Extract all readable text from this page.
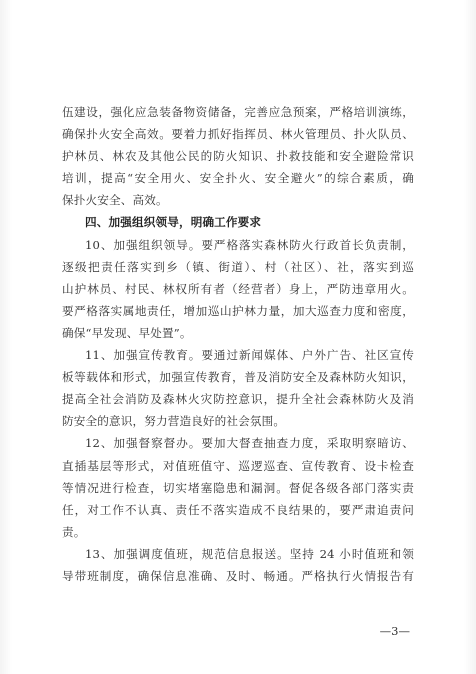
伍建设，强化应急装备物资储备，完善应急预案，严格培训演练，
确保扑火安全高效。要着力抓好指挥员、林火管理员、扑火队员、
护林员、林农及其他公民的防火知识、扑救技能和安全避险常识
培训，提高“安全用火、安全扑火、安全避火”的综合素质，确
保扑火安全、高效。
四、加强组织领导，明确工作要求
10、加强组织领导。要严格落实森林防火行政首长负责制，
逐级把责任落实到乡（镇、街道）、村（社区）、社，落实到巡
山护林员、村民、林权所有者（经营者）身上，严防违章用火。
要严格落实属地责任，增加巡山护林力量，加大巡查力度和密度，
确保“早发现、早处置”。
11、加强宣传教育。要通过新闻媒体、户外广告、社区宣传
板等载体和形式，加强宣传教育，普及消防安全及森林防火知识，
提高全社会消防及森林火灾防控意识，提升全社会森林防火及消
防安全的意识，努力营造良好的社会氛围。
12、加强督察督办。要加大督查抽查力度，采取明察暗访、
直插基层等形式，对值班值守、巡逻巡查、宣传教育、设卡检查
等情况进行检查，切实堵塞隐患和漏洞。督促各级各部门落实责
任，对工作不认真、责任不落实造成不良结果的，要严肃追责问
责。
13、加强调度值班，规范信息报送。坚持 24 小时值班和领
导带班制度，确保信息准确、及时、畅通。严格执行火情报告有
—3—
